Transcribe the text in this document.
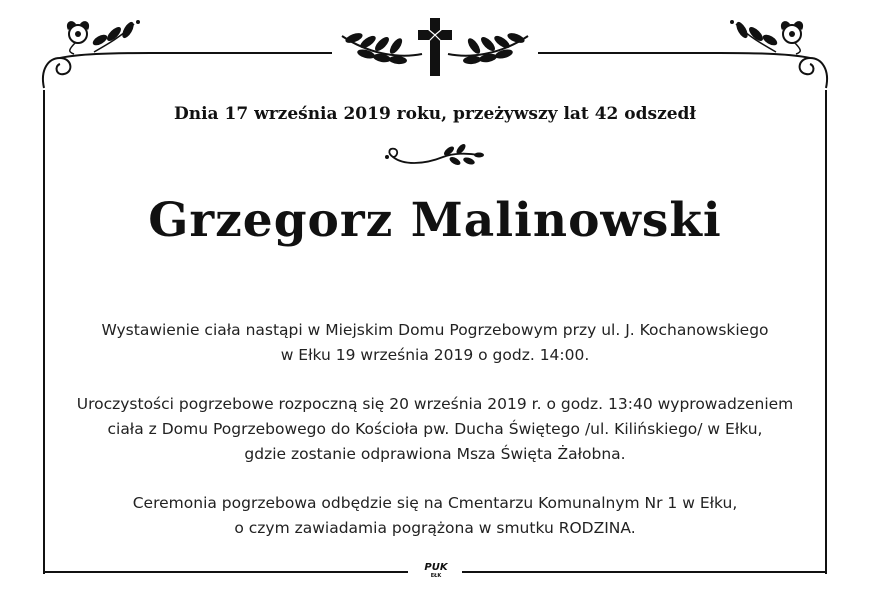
Dnia 17 września 2019 roku, przeżywszy lat 42 odszedł
Grzegorz Malinowski

Wystawienie ciała nastąpi w Miejskim Domu Pogrzebowym przy ul. J. Kochanowskiego
w Ełku 19 września 2019 o godz. 14:00.

Uroczystości pogrzebowe rozpoczną się 20 września 2019 r. o godz. 13:40 wyprowadzeniem
ciała z Domu Pogrzebowego do Kościoła pw. Ducha Świętego /ul. Kilińskiego/ w Ełku,
gdzie zostanie odprawiona Msza Święta Żałobna.

Ceremonia pogrzebowa odbędzie się na Cmentarzu Komunalnym Nr 1 w Ełku,
o czym zawiadamia pogrążona w smutku RODZINA.

PUK
EŁK
